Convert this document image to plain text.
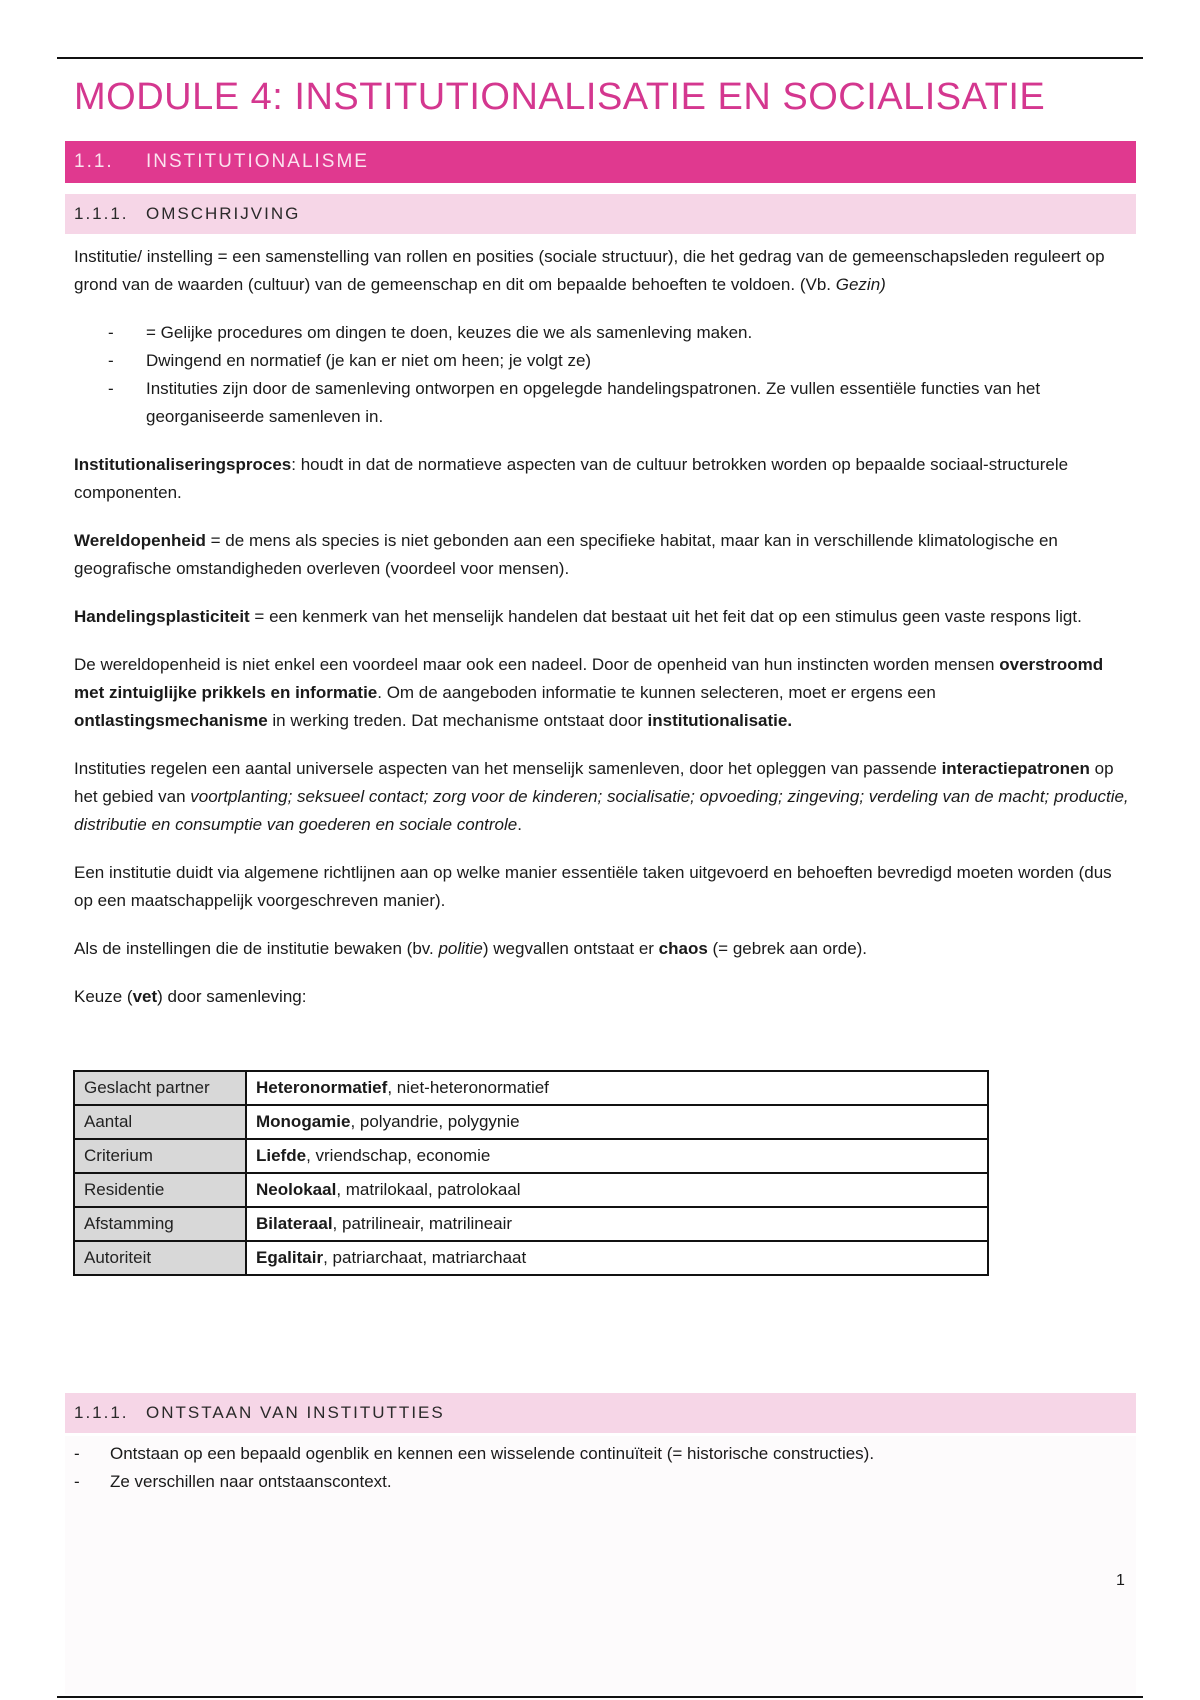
MODULE 4: INSTITUTIONALISATIE EN SOCIALISATIE
1.1. INSTITUTIONALISME
1.1.1. OMSCHRIJVING

Institutie/ instelling = een samenstelling van rollen en posities (sociale structuur), die het gedrag van de gemeenschapsleden reguleert op grond van de waarden (cultuur) van de gemeenschap en dit om bepaalde behoeften te voldoen. (Vb. Gezin)

- = Gelijke procedures om dingen te doen, keuzes die we als samenleving maken.
- Dwingend en normatief (je kan er niet om heen; je volgt ze)
- Instituties zijn door de samenleving ontworpen en opgelegde handelingspatronen. Ze vullen essentiële functies van het georganiseerde samenleven in.

Institutionaliseringsproces: houdt in dat de normatieve aspecten van de cultuur betrokken worden op bepaalde sociaal-structurele componenten.

Wereldopenheid = de mens als species is niet gebonden aan een specifieke habitat, maar kan in verschillende klimatologische en geografische omstandigheden overleven (voordeel voor mensen).

Handelingsplasticiteit = een kenmerk van het menselijk handelen dat bestaat uit het feit dat op een stimulus geen vaste respons ligt.

De wereldopenheid is niet enkel een voordeel maar ook een nadeel. Door de openheid van hun instincten worden mensen overstroomd met zintuiglijke prikkels en informatie. Om de aangeboden informatie te kunnen selecteren, moet er ergens een ontlastingsmechanisme in werking treden. Dat mechanisme ontstaat door institutionalisatie.

Instituties regelen een aantal universele aspecten van het menselijk samenleven, door het opleggen van passende interactiepatronen op het gebied van voortplanting; seksueel contact; zorg voor de kinderen; socialisatie; opvoeding; zingeving; verdeling van de macht; productie, distributie en consumptie van goederen en sociale controle.

Een institutie duidt via algemene richtlijnen aan op welke manier essentiële taken uitgevoerd en behoeften bevredigd moeten worden (dus op een maatschappelijk voorgeschreven manier).

Als de instellingen die de institutie bewaken (bv. politie) wegvallen ontstaat er chaos (= gebrek aan orde).

Keuze (vet) door samenleving:

Geslacht partner	Heteronormatief, niet-heteronormatief
Aantal	Monogamie, polyandrie, polygynie
Criterium	Liefde, vriendschap, economie
Residentie	Neolokaal, matrilokaal, patrolokaal
Afstamming	Bilateraal, patrilineair, matrilineair
Autoriteit	Egalitair, patriarchaat, matriarchaat
1.1.1. ONTSTAAN VAN INSTITUTTIES
- Ontstaan op een bepaald ogenblik en kennen een wisselende continuïteit (= historische constructies).
- Ze verschillen naar ontstaanscontext.
1
